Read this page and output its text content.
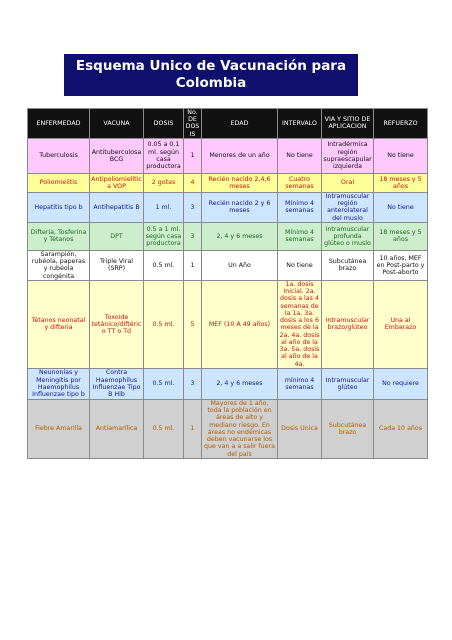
Esquema Unico de Vacunación para
Colombia
ENFERMEDAD	VACUNA	DOSIS	No. DE DOSIS	EDAD	INTERVALO	VIA Y SITIO DE APLICACION	REFUERZO
Tuberculosis	Antituberculosa BCG	0.05 a 0.1 ml. según casa productora	1	Menores de un año	No tiene	Intradérmica región supraescapular izquierda	No tiene
Poliomielitis	Antipoliomielítica VOP	2 gotas	4	Recién nacido 2,4,6 meses	Cuatro semanas	Oral	18 meses y 5 años
Hepatitis tipo b	Antihepatitis B	1 ml.	3	Recién nacido 2 y 6 meses	Mínimo 4 semanas	Intramuscular región anterolateral del muslo	No tiene
Difteria, Tosferina y Tétanos	DPT	0.5 a 1 ml. según casa productora	3	2, 4 y 6 meses	Mínimo 4 semanas	Intramuscular profunda glúteo o muslo	18 meses y 5 años
Sarampión, rubéola, paperas y rubéola congénita	Triple Viral (SRP)	0.5 ml.	1	Un Año	No tiene	Subcutánea brazo	10 años, MEF en Post-parto y Post-aborto
Tétanos neonatal y difteria	Toxoide tetánico/diftérico TT o Td	0.5 ml.	5	MEF (10 A 49 años)	1a. dosis Inicial. 2a. dosis a las 4 semanas de la 1a. 3a. dosis a los 6 meses de la 2a. 4a. dosis al año de la 3a. 5a. dosis al año de la 4a.	Intramuscular brazo/glúteo	Una al Embarazo
Neunonías y Meningitis por Haemophilus Influenzae tipo b	Contra Haemophilus Influenzae Tipo B Hib	0.5 ml.	3	2, 4 y 6 meses	mínimo 4 semanas	Intramuscular glúteo	No requiere
Fiebre Amarilla	Antiamarílica	0.5 ml.	1	Mayores de 1 año, toda la población en áreas de alto y mediano riesgo. En áreas no endémicas deben vacunarse los que van a a salir fuera del país	Dosis Unica	Subcutánea brazo	Cada 10 años
